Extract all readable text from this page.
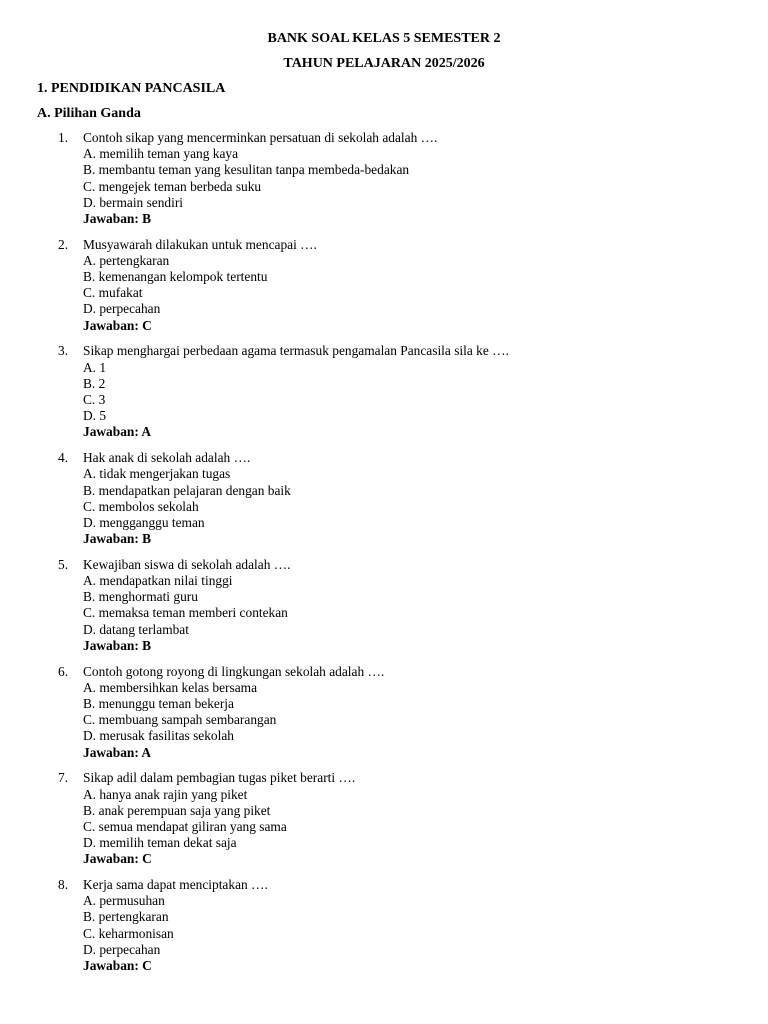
BANK SOAL KELAS 5 SEMESTER 2
TAHUN PELAJARAN 2025/2026
1. PENDIDIKAN PANCASILA
A. Pilihan Ganda
1.	Contoh sikap yang mencerminkan persatuan di sekolah adalah ….
A. memilih teman yang kaya
B. membantu teman yang kesulitan tanpa membeda-bedakan
C. mengejek teman berbeda suku
D. bermain sendiri
Jawaban: B
2.	Musyawarah dilakukan untuk mencapai ….
A. pertengkaran
B. kemenangan kelompok tertentu
C. mufakat
D. perpecahan
Jawaban: C
3.	Sikap menghargai perbedaan agama termasuk pengamalan Pancasila sila ke ….
A. 1
B. 2
C. 3
D. 5
Jawaban: A
4.	Hak anak di sekolah adalah ….
A. tidak mengerjakan tugas
B. mendapatkan pelajaran dengan baik
C. membolos sekolah
D. mengganggu teman
Jawaban: B
5.	Kewajiban siswa di sekolah adalah ….
A. mendapatkan nilai tinggi
B. menghormati guru
C. memaksa teman memberi contekan
D. datang terlambat
Jawaban: B
6.	Contoh gotong royong di lingkungan sekolah adalah ….
A. membersihkan kelas bersama
B. menunggu teman bekerja
C. membuang sampah sembarangan
D. merusak fasilitas sekolah
Jawaban: A
7.	Sikap adil dalam pembagian tugas piket berarti ….
A. hanya anak rajin yang piket
B. anak perempuan saja yang piket
C. semua mendapat giliran yang sama
D. memilih teman dekat saja
Jawaban: C
8.	Kerja sama dapat menciptakan ….
A. permusuhan
B. pertengkaran
C. keharmonisan
D. perpecahan
Jawaban: C
